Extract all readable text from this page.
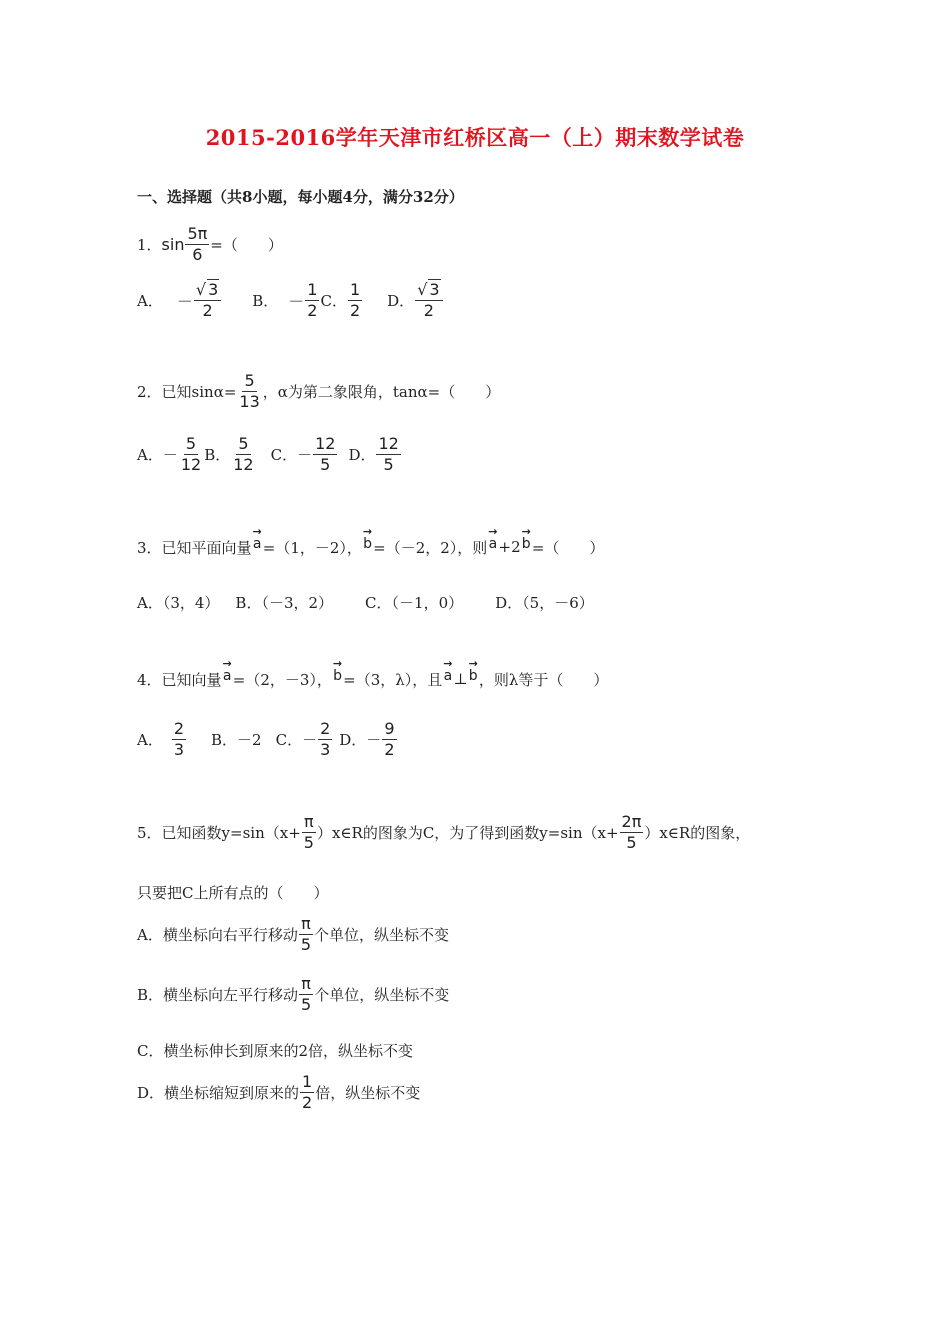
2015-2016学年天津市红桥区高一（上）期末数学试卷
一、选择题（共8小题，每小题4分，满分32分）
1． $\sin \frac{5\pi}{6}$ =（　　）
A． － $\frac{√ 3}{2}$ B． － $\frac{1}{2}$ C． $\frac{1}{2}$ D． $\frac{√ 3}{2}$
2．已知$\sin\alpha= \frac{5}{13}$ ，α为第二象限角，tanα=（　　）
A．－ $\frac{5}{12}$ B． $\frac{5}{12}$ C．－ $\frac{12}{5}$ D． $\frac{12}{5}$
3．已知平面向量
→
a =（1，－2），
→
b =（－2，2），则
→
a +2
→
b =（　　）
A．（3，4） B．（－3，2） C．（－1，0） D．（5，－6）
4．已知向量
→
a =（2，－3），
→
b =（3，λ），且
→
a ⊥
→
b ，则λ等于（　　）
A． $\frac{2}{3}$ B．－2 C．－ $\frac{2}{3}$ D．－ $\frac{9}{2}$
5．已知函数$y=\sin(x+ \frac{\pi}{5}$ ）x∈R的图象为C，为了得到函数$y=\sin(x+ \frac{2\pi}{5}$ ）x∈R的图象，
只要把C上所有点的（　　）
A．横坐标向右平行移动 $\frac{\pi}{5}$ 个单位，纵坐标不变
B．横坐标向左平行移动 $\frac{\pi}{5}$ 个单位，纵坐标不变
C．横坐标伸长到原来的2倍，纵坐标不变
D．横坐标缩短到原来的 $\frac{1}{2}$ 倍，纵坐标不变
